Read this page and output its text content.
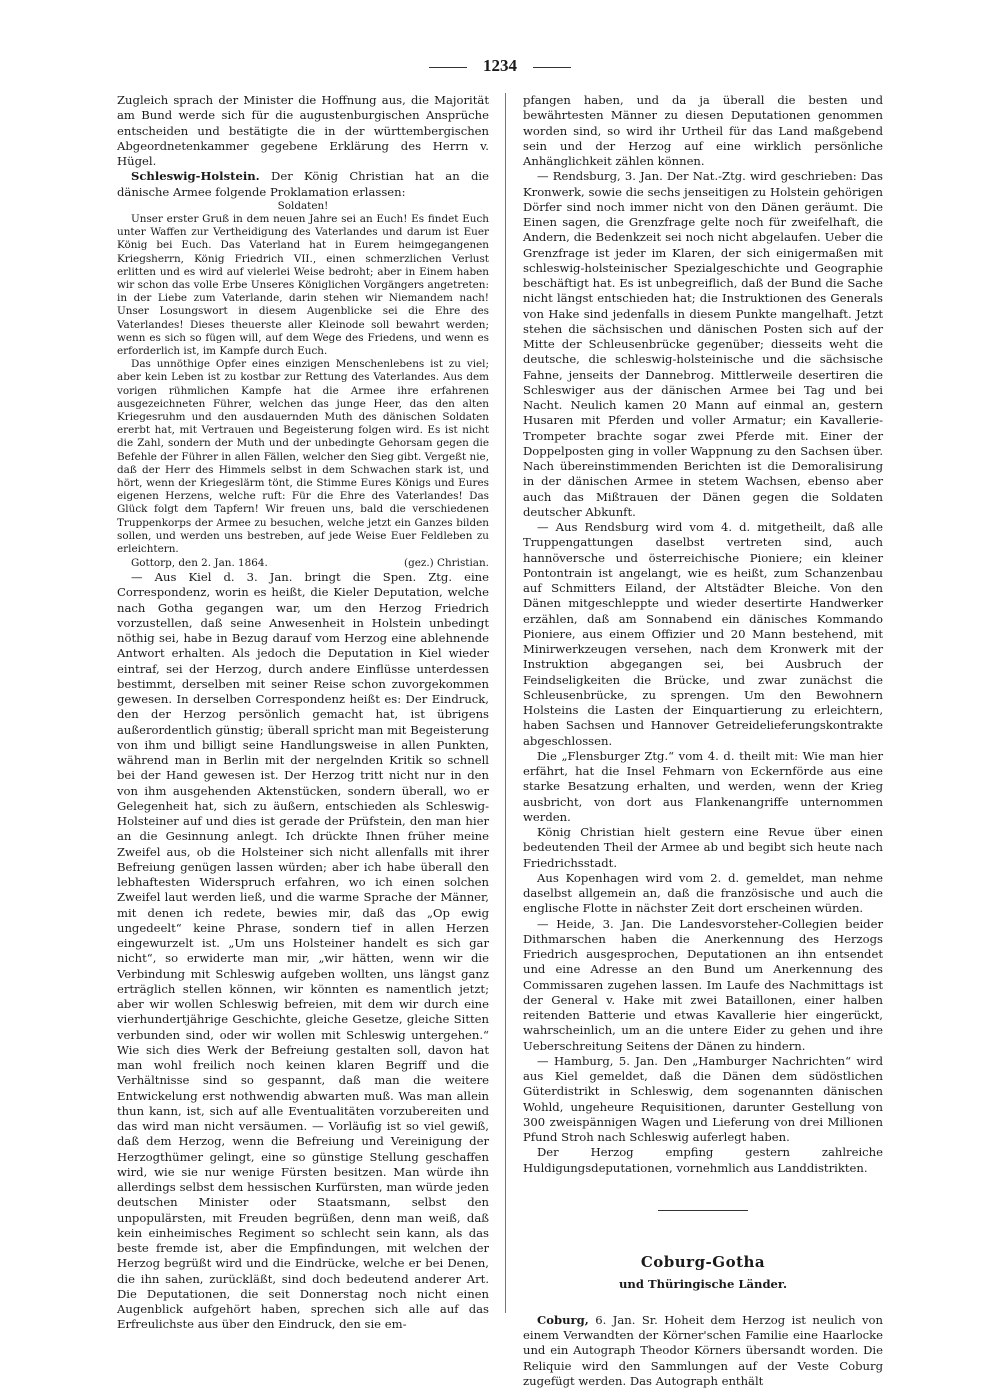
1234

Zugleich sprach der Minister die Hoffnung aus, die Majorität am Bund werde sich für die augustenburgischen Ansprüche entscheiden und bestätigte die in der württembergischen Abgeordnetenkammer gegebene Erklärung des Herrn v. Hügel.

Schleswig-Holstein. Der König Christian hat an die dänische Armee folgende Proklamation erlassen:

Soldaten!

Unser erster Gruß in dem neuen Jahre sei an Euch! Es findet Euch unter Waffen zur Vertheidigung des Vaterlandes und darum ist Euer König bei Euch. Das Vaterland hat in Eurem heimgegangenen Kriegsherrn, König Friedrich VII., einen schmerzlichen Verlust erlitten und es wird auf vielerlei Weise bedroht; aber in Einem haben wir schon das volle Erbe Unseres Königlichen Vorgängers angetreten: in der Liebe zum Vaterlande, darin stehen wir Niemandem nach! Unser Losungswort in diesem Augenblicke sei die Ehre des Vaterlandes! Dieses theuerste aller Kleinode soll bewahrt werden; wenn es sich so fügen will, auf dem Wege des Friedens, und wenn es erforderlich ist, im Kampfe durch Euch.

Das unnöthige Opfer eines einzigen Menschenlebens ist zu viel; aber kein Leben ist zu kostbar zur Rettung des Vaterlandes. Aus dem vorigen rühmlichen Kampfe hat die Armee ihre erfahrenen ausgezeichneten Führer, welchen das junge Heer, das den alten Kriegesruhm und den ausdauernden Muth des dänischen Soldaten ererbt hat, mit Vertrauen und Begeisterung folgen wird. Es ist nicht die Zahl, sondern der Muth und der unbedingte Gehorsam gegen die Befehle der Führer in allen Fällen, welcher den Sieg gibt. Vergeßt nie, daß der Herr des Himmels selbst in dem Schwachen stark ist, und hört, wenn der Kriegeslärm tönt, die Stimme Eures Königs und Eures eigenen Herzens, welche ruft: Für die Ehre des Vaterlandes! Das Glück folgt dem Tapfern! Wir freuen uns, bald die verschiedenen Truppenkorps der Armee zu besuchen, welche jetzt ein Ganzes bilden sollen, und werden uns bestreben, auf jede Weise Euer Feldleben zu erleichtern.

Gottorp, den 2. Jan. 1864.	(gez.) Christian.

— Aus Kiel d. 3. Jan. bringt die Spen. Ztg. eine Correspondenz, worin es heißt, die Kieler Deputation, welche nach Gotha gegangen war, um den Herzog Friedrich vorzustellen, daß seine Anwesenheit in Holstein unbedingt nöthig sei, habe in Bezug darauf vom Herzog eine ablehnende Antwort erhalten. Als jedoch die Deputation in Kiel wieder eintraf, sei der Herzog, durch andere Einflüsse unterdessen bestimmt, derselben mit seiner Reise schon zuvorgekommen gewesen. In derselben Correspondenz heißt es: Der Eindruck, den der Herzog persönlich gemacht hat, ist übrigens außerordentlich günstig; überall spricht man mit Begeisterung von ihm und billigt seine Handlungsweise in allen Punkten, während man in Berlin mit der nergelnden Kritik so schnell bei der Hand gewesen ist. Der Herzog tritt nicht nur in den von ihm ausgehenden Aktenstücken, sondern überall, wo er Gelegenheit hat, sich zu äußern, entschieden als Schleswig-Holsteiner auf und dies ist gerade der Prüfstein, den man hier an die Gesinnung anlegt. Ich drückte Ihnen früher meine Zweifel aus, ob die Holsteiner sich nicht allenfalls mit ihrer Befreiung genügen lassen würden; aber ich habe überall den lebhaftesten Widerspruch erfahren, wo ich einen solchen Zweifel laut werden ließ, und die warme Sprache der Männer, mit denen ich redete, bewies mir, daß das „Op ewig ungedeelt“ keine Phrase, sondern tief in allen Herzen eingewurzelt ist. „Um uns Holsteiner handelt es sich gar nicht“, so erwiderte man mir, „wir hätten, wenn wir die Verbindung mit Schleswig aufgeben wollten, uns längst ganz erträglich stellen können, wir könnten es namentlich jetzt; aber wir wollen Schleswig befreien, mit dem wir durch eine vierhundertjährige Geschichte, gleiche Gesetze, gleiche Sitten verbunden sind, oder wir wollen mit Schleswig untergehen.“ Wie sich dies Werk der Befreiung gestalten soll, davon hat man wohl freilich noch keinen klaren Begriff und die Verhältnisse sind so gespannt, daß man die weitere Entwickelung erst nothwendig abwarten muß. Was man allein thun kann, ist, sich auf alle Eventualitäten vorzubereiten und das wird man nicht versäumen. — Vorläufig ist so viel gewiß, daß dem Herzog, wenn die Befreiung und Vereinigung der Herzogthümer gelingt, eine so günstige Stellung geschaffen wird, wie sie nur wenige Fürsten besitzen. Man würde ihn allerdings selbst dem hessischen Kurfürsten, man würde jeden deutschen Minister oder Staatsmann, selbst den unpopulärsten, mit Freuden begrüßen, denn man weiß, daß kein einheimisches Regiment so schlecht sein kann, als das beste fremde ist, aber die Empfindungen, mit welchen der Herzog begrüßt wird und die Eindrücke, welche er bei Denen, die ihn sahen, zurückläßt, sind doch bedeutend anderer Art. Die Deputationen, die seit Donnerstag noch nicht einen Augenblick aufgehört haben, sprechen sich alle auf das Erfreulichste aus über den Eindruck, den sie em-

pfangen haben, und da ja überall die besten und bewährtesten Männer zu diesen Deputationen genommen worden sind, so wird ihr Urtheil für das Land maßgebend sein und der Herzog auf eine wirklich persönliche Anhänglichkeit zählen können.

— Rendsburg, 3. Jan. Der Nat.-Ztg. wird geschrieben: Das Kronwerk, sowie die sechs jenseitigen zu Holstein gehörigen Dörfer sind noch immer nicht von den Dänen geräumt. Die Einen sagen, die Grenzfrage gelte noch für zweifelhaft, die Andern, die Bedenkzeit sei noch nicht abgelaufen. Ueber die Grenzfrage ist jeder im Klaren, der sich einigermaßen mit schleswig-holsteinischer Spezialgeschichte und Geographie beschäftigt hat. Es ist unbegreiflich, daß der Bund die Sache nicht längst entschieden hat; die Instruktionen des Generals von Hake sind jedenfalls in diesem Punkte mangelhaft. Jetzt stehen die sächsischen und dänischen Posten sich auf der Mitte der Schleusenbrücke gegenüber; diesseits weht die deutsche, die schleswig-holsteinische und die sächsische Fahne, jenseits der Dannebrog. Mittlerweile desertiren die Schleswiger aus der dänischen Armee bei Tag und bei Nacht. Neulich kamen 20 Mann auf einmal an, gestern Husaren mit Pferden und voller Armatur; ein Kavallerie-Trompeter brachte sogar zwei Pferde mit. Einer der Doppelposten ging in voller Wappnung zu den Sachsen über. Nach übereinstimmenden Berichten ist die Demoralisirung in der dänischen Armee in stetem Wachsen, ebenso aber auch das Mißtrauen der Dänen gegen die Soldaten deutscher Abkunft.

— Aus Rendsburg wird vom 4. d. mitgetheilt, daß alle Truppengattungen daselbst vertreten sind, auch hannöversche und österreichische Pioniere; ein kleiner Pontontrain ist angelangt, wie es heißt, zum Schanzenbau auf Schmitters Eiland, der Altstädter Bleiche. Von den Dänen mitgeschleppte und wieder desertirte Handwerker erzählen, daß am Sonnabend ein dänisches Kommando Pioniere, aus einem Offizier und 20 Mann bestehend, mit Minirwerkzeugen versehen, nach dem Kronwerk mit der Instruktion abgegangen sei, bei Ausbruch der Feindseligkeiten die Brücke, und zwar zunächst die Schleusenbrücke, zu sprengen. Um den Bewohnern Holsteins die Lasten der Einquartierung zu erleichtern, haben Sachsen und Hannover Getreidelieferungskontrakte abgeschlossen.

Die „Flensburger Ztg.“ vom 4. d. theilt mit: Wie man hier erfährt, hat die Insel Fehmarn von Eckernförde aus eine starke Besatzung erhalten, und werden, wenn der Krieg ausbricht, von dort aus Flankenangriffe unternommen werden.

König Christian hielt gestern eine Revue über einen bedeutenden Theil der Armee ab und begibt sich heute nach Friedrichsstadt.

Aus Kopenhagen wird vom 2. d. gemeldet, man nehme daselbst allgemein an, daß die französische und auch die englische Flotte in nächster Zeit dort erscheinen würden.

— Heide, 3. Jan. Die Landesvorsteher-Collegien beider Dithmarschen haben die Anerkennung des Herzogs Friedrich ausgesprochen, Deputationen an ihn entsendet und eine Adresse an den Bund um Anerkennung des Commissaren zugehen lassen. Im Laufe des Nachmittags ist der General v. Hake mit zwei Bataillonen, einer halben reitenden Batterie und etwas Kavallerie hier eingerückt, wahrscheinlich, um an die untere Eider zu gehen und ihre Ueberschreitung Seitens der Dänen zu hindern.

— Hamburg, 5. Jan. Den „Hamburger Nachrichten“ wird aus Kiel gemeldet, daß die Dänen dem südöstlichen Güterdistrikt in Schleswig, dem sogenannten dänischen Wohld, ungeheure Requisitionen, darunter Gestellung von 300 zweispännigen Wagen und Lieferung von drei Millionen Pfund Stroh nach Schleswig auferlegt haben.

Der Herzog empfing gestern zahlreiche Huldigungsdeputationen, vornehmlich aus Landdistrikten.

Coburg-Gotha
und Thüringische Länder.

Coburg, 6. Jan. Sr. Hoheit dem Herzog ist neulich von einem Verwandten der Körner'schen Familie eine Haarlocke und ein Autograph Theodor Körners übersandt worden. Die Reliquie wird den Sammlungen auf der Veste Coburg zugefügt werden. Das Autograph enthält
